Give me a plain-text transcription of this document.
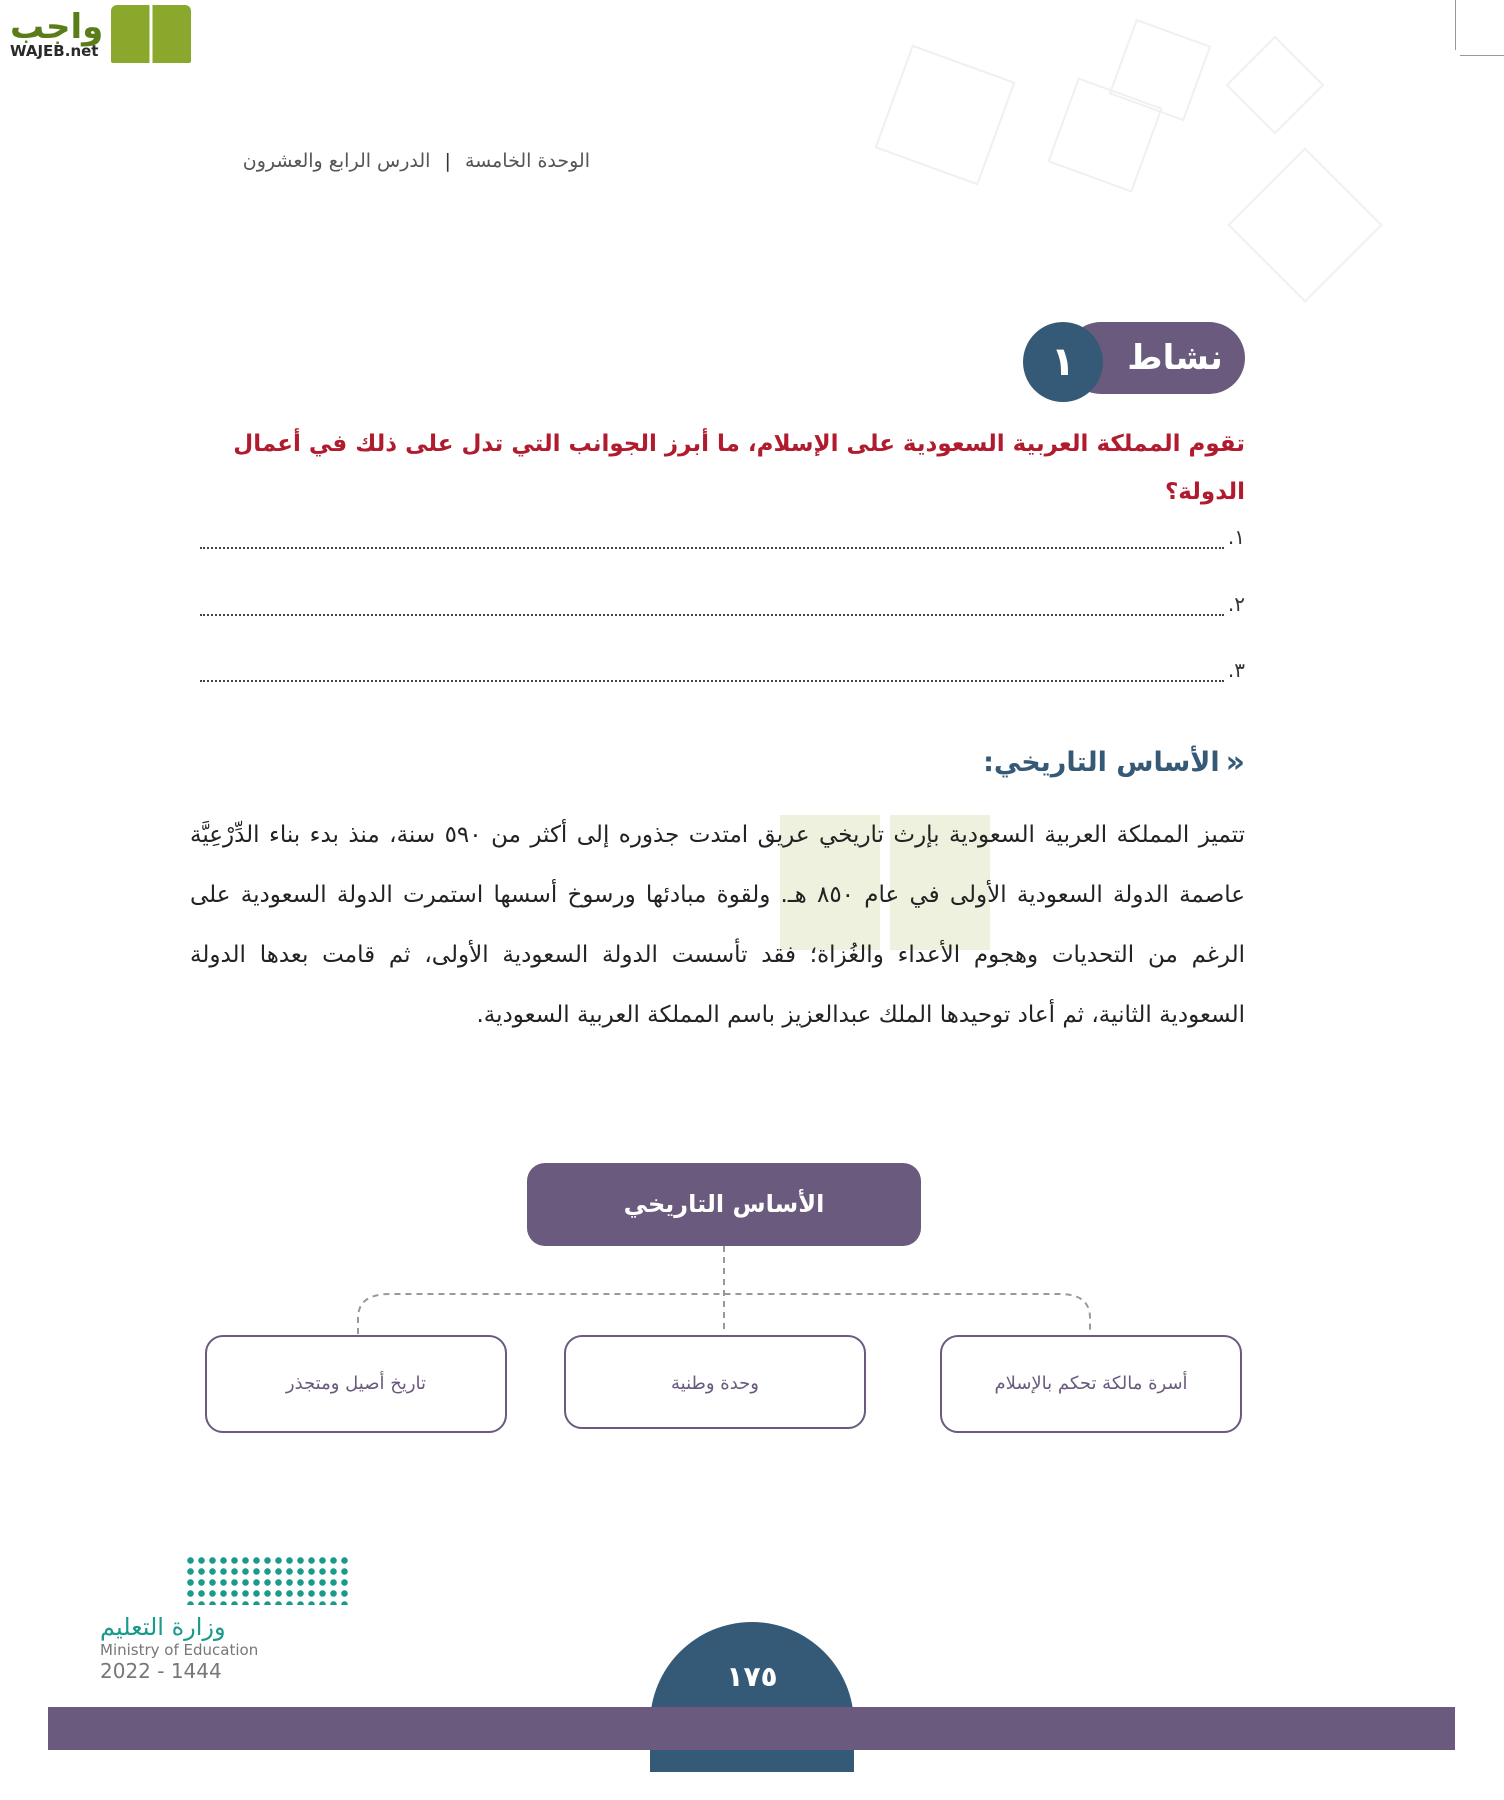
واجب
WAJEB.net
الوحدة الخامسة | الدرس الرابع والعشرون
نشاط
١
تقوم المملكة العربية السعودية على الإسلام، ما أبرز الجوانب التي تدل على ذلك في أعمال الدولة؟
١.
٢.
٣.
«
الأساس التاريخي:
تتميز المملكة العربية السعودية بإرث تاريخي عريق امتدت جذوره إلى أكثر من ٥٩٠ سنة، منذ بدء بناء الدِّرْعِيَّة عاصمة الدولة السعودية الأولى في عام ٨٥٠ هـ. ولقوة مبادئها ورسوخ أسسها استمرت الدولة السعودية على الرغم من التحديات وهجوم الأعداء والغُزاة؛ فقد تأسست الدولة السعودية الأولى، ثم قامت بعدها الدولة السعودية الثانية، ثم أعاد توحيدها الملك عبدالعزيز باسم المملكة العربية السعودية.
الأساس التاريخي
أسرة مالكة تحكم بالإسلام
وحدة وطنية
تاريخ أصيل ومتجذر
وزارة التعليم
Ministry of Education
2022 - 1444	١٧٥
